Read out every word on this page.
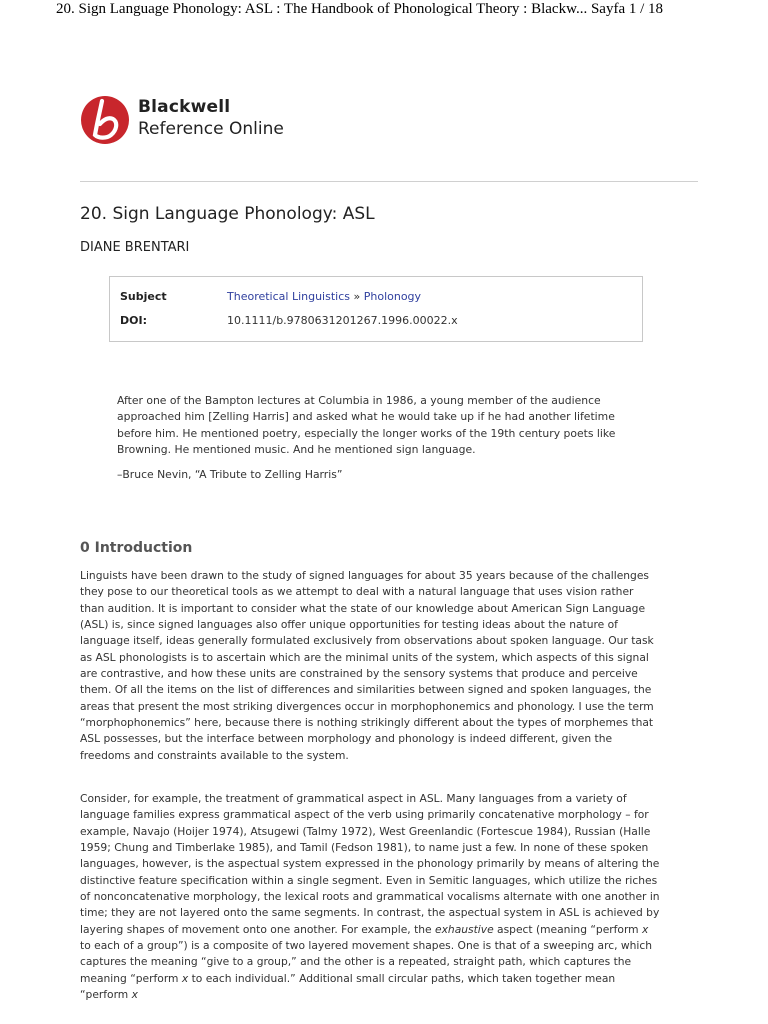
20. Sign Language Phonology: ASL : The Handbook of Phonological Theory : Blackw... Sayfa 1 / 18
Blackwell
Reference Online
20. Sign Language Phonology: ASL
DIANE BRENTARI
Subject	Theoretical Linguistics » Pholonogy
DOI:	10.1111/b.9780631201267.1996.00022.x

After one of the Bampton lectures at Columbia in 1986, a young member of the audience approached him [Zelling Harris] and asked what he would take up if he had another lifetime before him. He mentioned poetry, especially the longer works of the 19th century poets like Browning. He mentioned music. And he mentioned sign language.

–Bruce Nevin, “A Tribute to Zelling Harris”

0 Introduction

Linguists have been drawn to the study of signed languages for about 35 years because of the challenges they pose to our theoretical tools as we attempt to deal with a natural language that uses vision rather than audition. It is important to consider what the state of our knowledge about American Sign Language (ASL) is, since signed languages also offer unique opportunities for testing ideas about the nature of language itself, ideas generally formulated exclusively from observations about spoken language. Our task as ASL phonologists is to ascertain which are the minimal units of the system, which aspects of this signal are contrastive, and how these units are constrained by the sensory systems that produce and perceive them. Of all the items on the list of differences and similarities between signed and spoken languages, the areas that present the most striking divergences occur in morphophonemics and phonology. I use the term “morphophonemics” here, because there is nothing strikingly different about the types of morphemes that ASL possesses, but the interface between morphology and phonology is indeed different, given the freedoms and constraints available to the system.

Consider, for example, the treatment of grammatical aspect in ASL. Many languages from a variety of language families express grammatical aspect of the verb using primarily concatenative morphology – for example, Navajo (Hoijer 1974), Atsugewi (Talmy 1972), West Greenlandic (Fortescue 1984), Russian (Halle 1959; Chung and Timberlake 1985), and Tamil (Fedson 1981), to name just a few. In none of these spoken languages, however, is the aspectual system expressed in the phonology primarily by means of altering the distinctive feature specification within a single segment. Even in Semitic languages, which utilize the riches of nonconcatenative morphology, the lexical roots and grammatical vocalisms alternate with one another in time; they are not layered onto the same segments. In contrast, the aspectual system in ASL is achieved by layering shapes of movement onto one another. For example, the exhaustive aspect (meaning “perform x to each of a group”) is a composite of two layered movement shapes. One is that of a sweeping arc, which captures the meaning “give to a group,” and the other is a repeated, straight path, which captures the meaning “perform x to each individual.” Additional small circular paths, which taken together mean “perform x
